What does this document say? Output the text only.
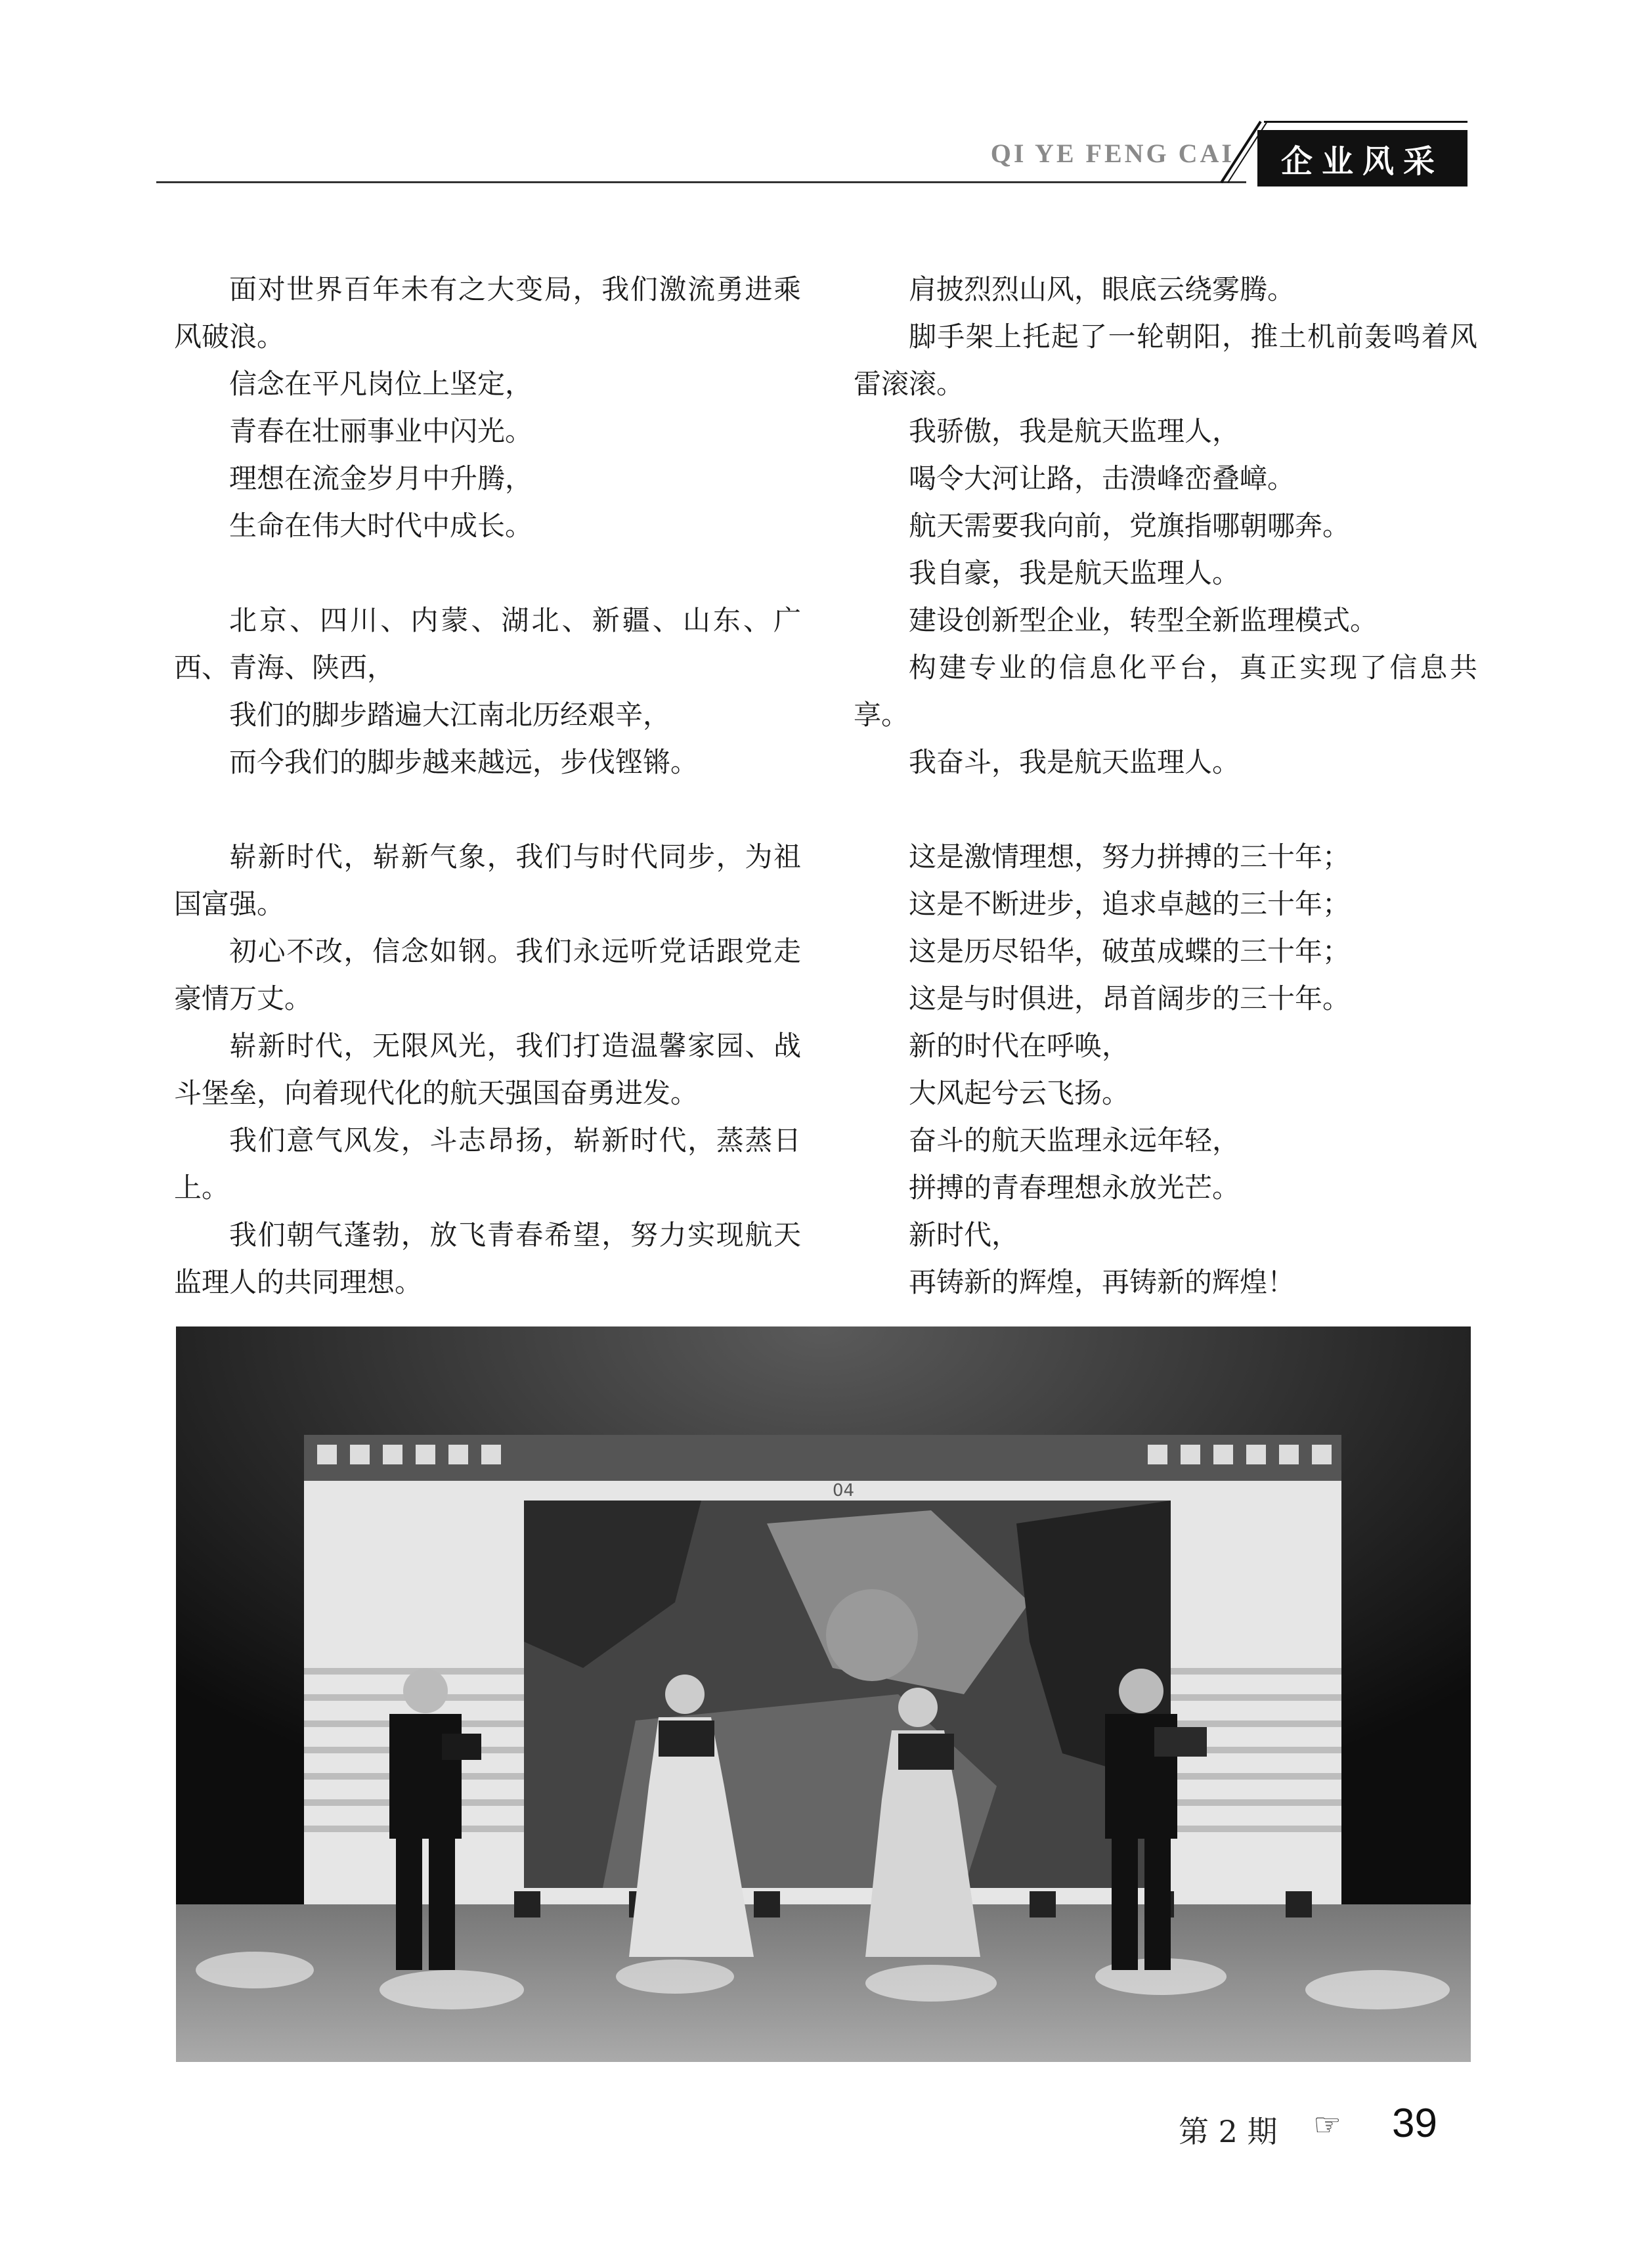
QI YE FENG CAI	企业风采

面对世界百年未有之大变局，我们激流勇进乘风破浪。

信念在平凡岗位上坚定，

青春在壮丽事业中闪光。

理想在流金岁月中升腾，

生命在伟大时代中成长。

北京、四川、内蒙、湖北、新疆、山东、广西、青海、陕西，

我们的脚步踏遍大江南北历经艰辛，

而今我们的脚步越来越远，步伐铿锵。

崭新时代，崭新气象，我们与时代同步，为祖国富强。

初心不改，信念如钢。我们永远听党话跟党走豪情万丈。

崭新时代，无限风光，我们打造温馨家园、战斗堡垒，向着现代化的航天强国奋勇进发。

我们意气风发，斗志昂扬，崭新时代，蒸蒸日上。

我们朝气蓬勃，放飞青春希望，努力实现航天监理人的共同理想。

肩披烈烈山风，眼底云绕雾腾。

脚手架上托起了一轮朝阳，推土机前轰鸣着风雷滚滚。

我骄傲，我是航天监理人，

喝令大河让路，击溃峰峦叠嶂。

航天需要我向前，党旗指哪朝哪奔。

我自豪，我是航天监理人。

建设创新型企业，转型全新监理模式。

构建专业的信息化平台，真正实现了信息共享。

我奋斗，我是航天监理人。

这是激情理想，努力拼搏的三十年；

这是不断进步，追求卓越的三十年；

这是历尽铅华，破茧成蝶的三十年；

这是与时俱进，昂首阔步的三十年。

新的时代在呼唤，

大风起兮云飞扬。

奋斗的航天监理永远年轻，

拼搏的青春理想永放光芒。

新时代，

再铸新的辉煌，再铸新的辉煌！

04
第 2 期 ☞ 39
